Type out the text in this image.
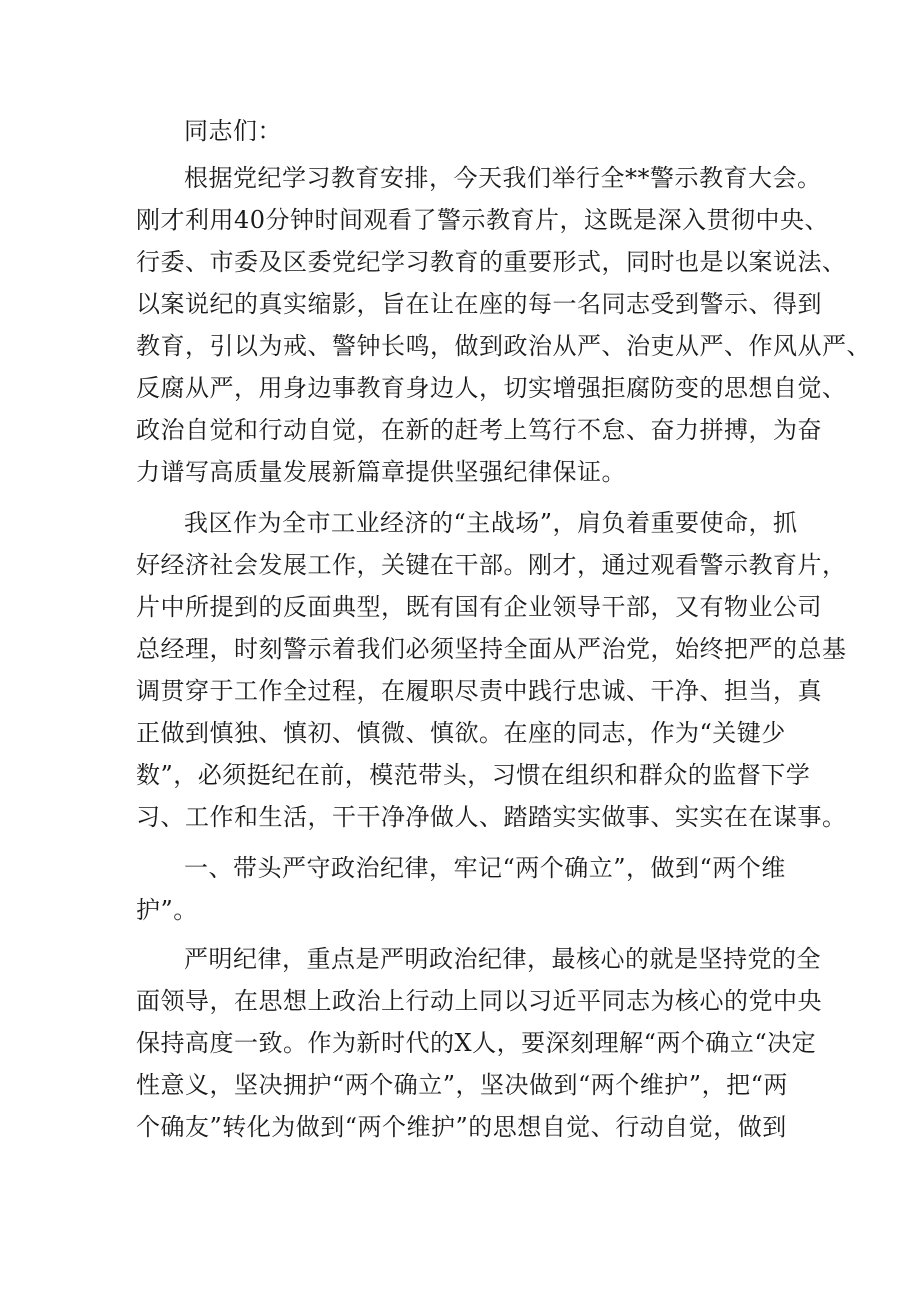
同志们：
根据党纪学习教育安排，今天我们举行全**警示教育大会。
刚才利用40分钟时间观看了警示教育片，这既是深入贯彻中央、
行委、市委及区委党纪学习教育的重要形式，同时也是以案说法、
以案说纪的真实缩影，旨在让在座的每一名同志受到警示、得到
教育，引以为戒、警钟长鸣，做到政治从严、治吏从严、作风从严、
反腐从严，用身边事教育身边人，切实增强拒腐防变的思想自觉、
政治自觉和行动自觉，在新的赶考上笃行不怠、奋力拼搏，为奋
力谱写高质量发展新篇章提供坚强纪律保证。
我区作为全市工业经济的“主战场”，肩负着重要使命，抓
好经济社会发展工作，关键在干部。刚才，通过观看警示教育片，
片中所提到的反面典型，既有国有企业领导干部，又有物业公司
总经理，时刻警示着我们必须坚持全面从严治党，始终把严的总基
调贯穿于工作全过程，在履职尽责中践行忠诚、干净、担当，真
正做到慎独、慎初、慎微、慎欲。在座的同志，作为“关键少
数”，必须挺纪在前，模范带头，习惯在组织和群众的监督下学
习、工作和生活，干干净净做人、踏踏实实做事、实实在在谋事。
一、带头严守政治纪律，牢记“两个确立”，做到“两个维
护”。
严明纪律，重点是严明政治纪律，最核心的就是坚持党的全
面领导，在思想上政治上行动上同以习近平同志为核心的党中央
保持高度一致。作为新时代的X人，要深刻理解“两个确立“决定
性意义，坚决拥护“两个确立”，坚决做到“两个维护”，把“两
个确友”转化为做到“两个维护”的思想自觉、行动自觉，做到
